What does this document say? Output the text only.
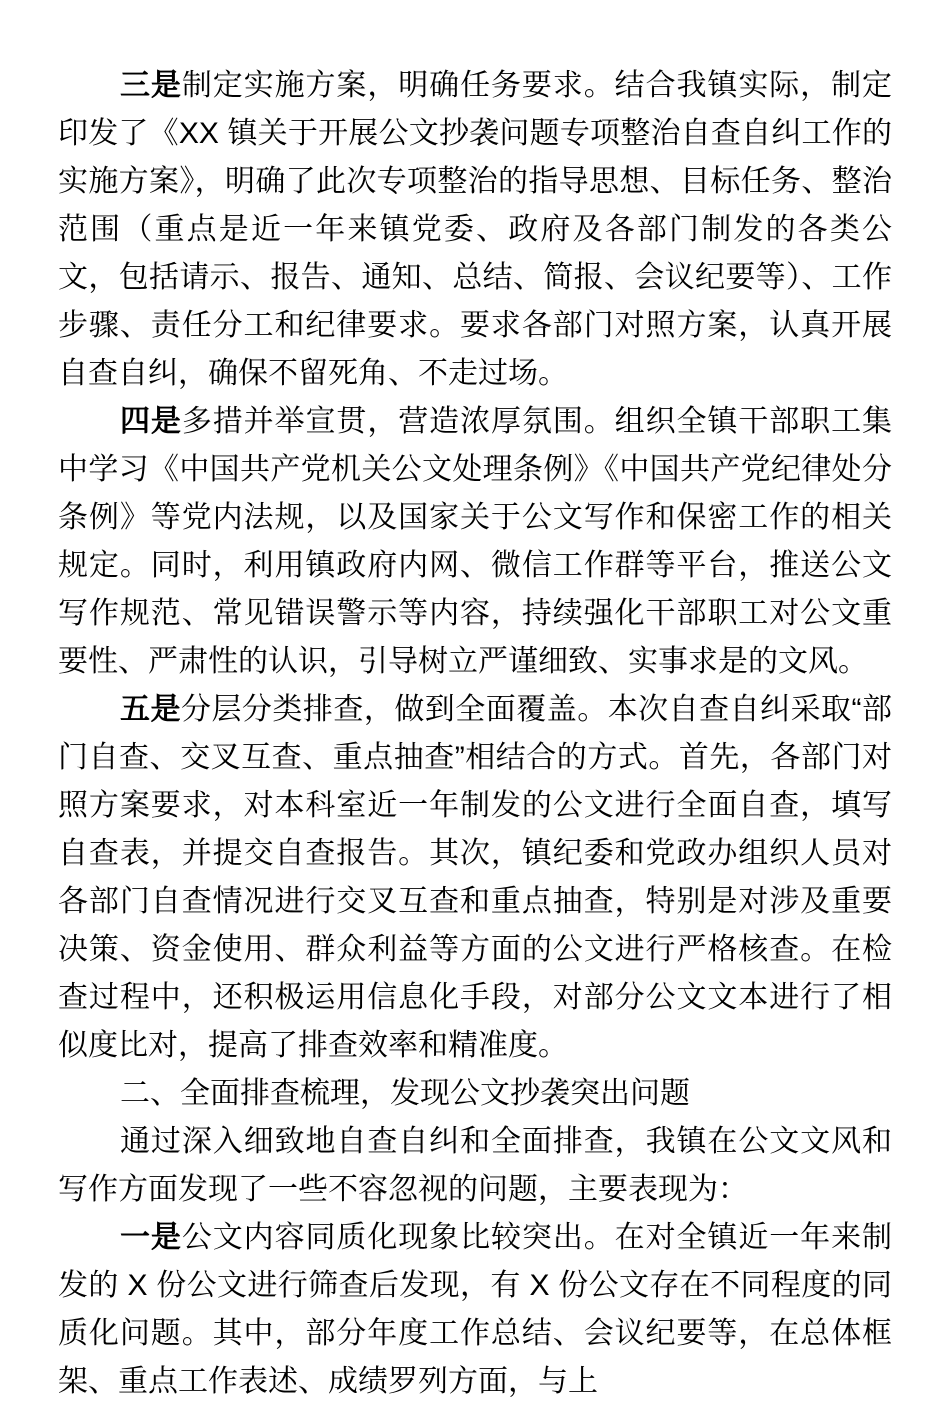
三是制定实施方案，明确任务要求。结合我镇实际，制定印发了《XX 镇关于开展公文抄袭问题专项整治自查自纠工作的实施方案》，明确了此次专项整治的指导思想、目标任务、整治范围（重点是近一年来镇党委、政府及各部门制发的各类公文，包括请示、报告、通知、总结、简报、会议纪要等）、工作步骤、责任分工和纪律要求。要求各部门对照方案，认真开展自查自纠，确保不留死角、不走过场。

四是多措并举宣贯，营造浓厚氛围。组织全镇干部职工集中学习《中国共产党机关公文处理条例》《中国共产党纪律处分条例》等党内法规，以及国家关于公文写作和保密工作的相关规定。同时，利用镇政府内网、微信工作群等平台，推送公文写作规范、常见错误警示等内容，持续强化干部职工对公文重要性、严肃性的认识，引导树立严谨细致、实事求是的文风。

五是分层分类排查，做到全面覆盖。本次自查自纠采取“部门自查、交叉互查、重点抽查”相结合的方式。首先，各部门对照方案要求，对本科室近一年制发的公文进行全面自查，填写自查表，并提交自查报告。其次，镇纪委和党政办组织人员对各部门自查情况进行交叉互查和重点抽查，特别是对涉及重要决策、资金使用、群众利益等方面的公文进行严格核查。在检查过程中，还积极运用信息化手段，对部分公文文本进行了相似度比对，提高了排查效率和精准度。

二、全面排查梳理，发现公文抄袭突出问题

通过深入细致地自查自纠和全面排查，我镇在公文文风和写作方面发现了一些不容忽视的问题，主要表现为：

一是公文内容同质化现象比较突出。在对全镇近一年来制发的 X 份公文进行筛查后发现，有 X 份公文存在不同程度的同质化问题。其中，部分年度工作总结、会议纪要等，在总体框架、重点工作表述、成绩罗列方面，与上
